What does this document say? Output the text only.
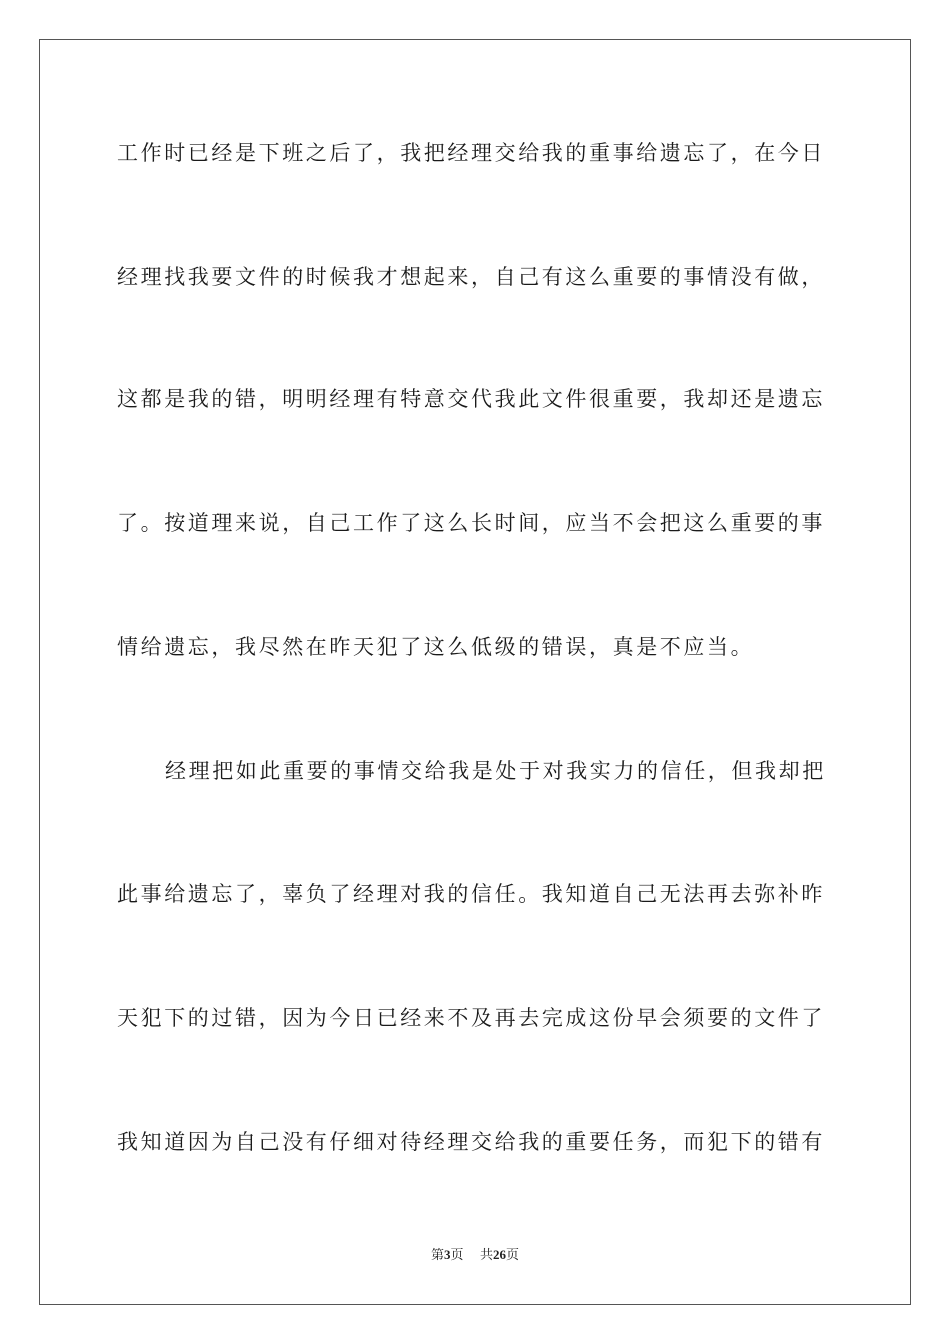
工作时已经是下班之后了，我把经理交给我的重事给遗忘了，在今日
经理找我要文件的时候我才想起来，自己有这么重要的事情没有做，
这都是我的错，明明经理有特意交代我此文件很重要，我却还是遗忘
了。按道理来说，自己工作了这么长时间，应当不会把这么重要的事
情给遗忘，我尽然在昨天犯了这么低级的错误，真是不应当。
经理把如此重要的事情交给我是处于对我实力的信任，但我却把
此事给遗忘了，辜负了经理对我的信任。我知道自己无法再去弥补昨
天犯下的过错，因为今日已经来不及再去完成这份早会须要的文件了
我知道因为自己没有仔细对待经理交给我的重要任务，而犯下的错有
第3页 共26页
